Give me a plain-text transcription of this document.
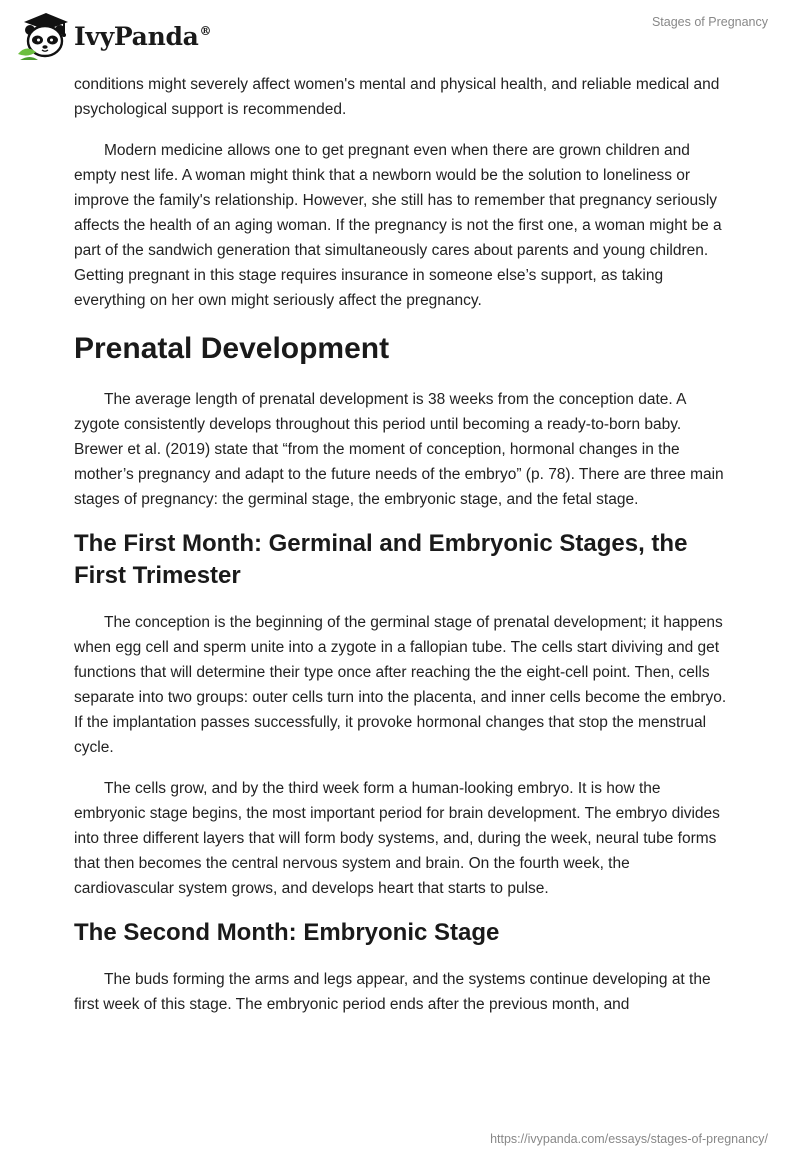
IvyPanda®
Stages of Pregnancy

conditions might severely affect women's mental and physical health, and reliable medical and psychological support is recommended.

Modern medicine allows one to get pregnant even when there are grown children and empty nest life. A woman might think that a newborn would be the solution to loneliness or improve the family's relationship. However, she still has to remember that pregnancy seriously affects the health of an aging woman. If the pregnancy is not the first one, a woman might be a part of the sandwich generation that simultaneously cares about parents and young children. Getting pregnant in this stage requires insurance in someone else’s support, as taking everything on her own might seriously affect the pregnancy.

Prenatal Development

The average length of prenatal development is 38 weeks from the conception date. A zygote consistently develops throughout this period until becoming a ready-to-born baby. Brewer et al. (2019) state that “from the moment of conception, hormonal changes in the mother’s pregnancy and adapt to the future needs of the embryo” (p. 78). There are three main stages of pregnancy: the germinal stage, the embryonic stage, and the fetal stage.

The First Month: Germinal and Embryonic Stages, the First Trimester

The conception is the beginning of the germinal stage of prenatal development; it happens when egg cell and sperm unite into a zygote in a fallopian tube. The cells start diviving and get functions that will determine their type once after reaching the the eight-cell point. Then, cells separate into two groups: outer cells turn into the placenta, and inner cells become the embryo. If the implantation passes successfully, it provoke hormonal changes that stop the menstrual cycle.

The cells grow, and by the third week form a human-looking embryo. It is how the embryonic stage begins, the most important period for brain development. The embryo divides into three different layers that will form body systems, and, during the week, neural tube forms that then becomes the central nervous system and brain. On the fourth week, the cardiovascular system grows, and develops heart that starts to pulse.

The Second Month: Embryonic Stage

The buds forming the arms and legs appear, and the systems continue developing at the first week of this stage. The embryonic period ends after the previous month, and

https://ivypanda.com/essays/stages-of-pregnancy/
